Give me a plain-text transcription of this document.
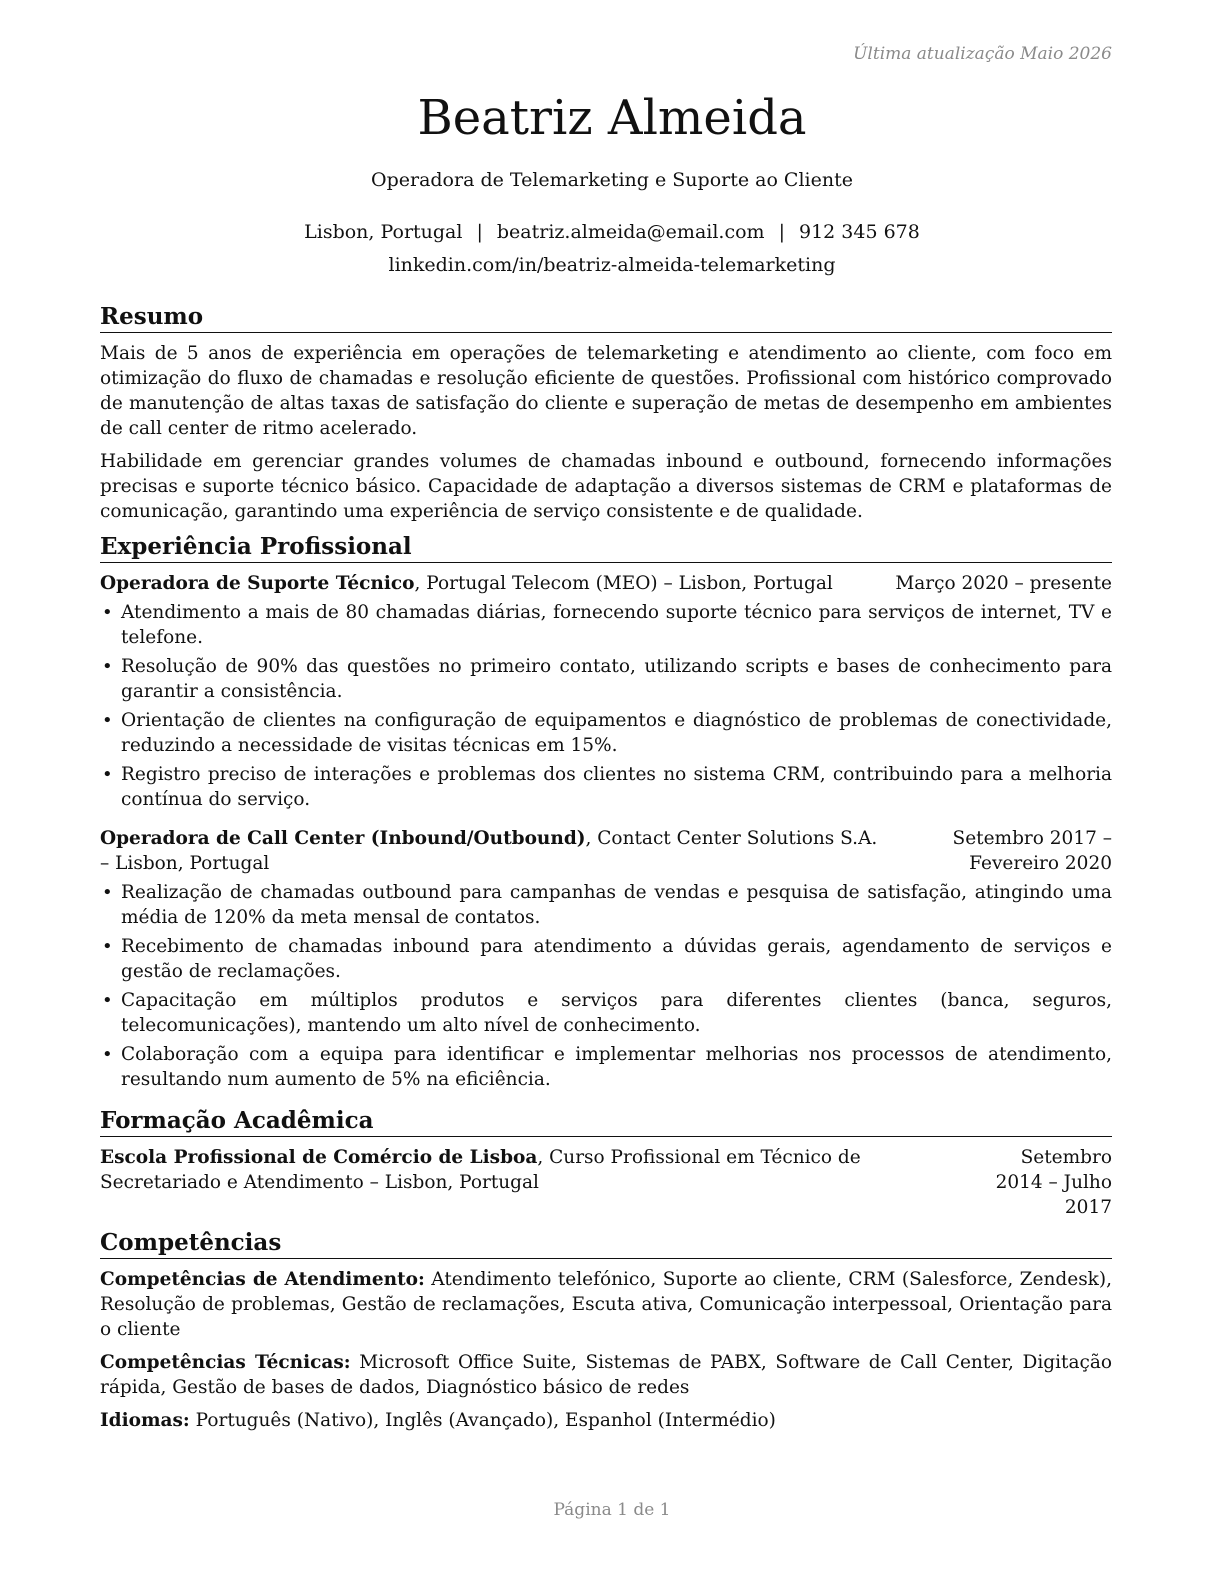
Última atualização Maio 2026
Beatriz Almeida
Operadora de Telemarketing e Suporte ao Cliente
Lisbon, Portugal | beatriz.almeida@email.com | 912 345 678
linkedin.com/in/beatriz-almeida-telemarketing
Resumo

Mais de 5 anos de experiência em operações de telemarketing e atendimento ao cliente, com foco em otimização do fluxo de chamadas e resolução eficiente de questões. Profissional com histórico comprovado de manutenção de altas taxas de satisfação do cliente e superação de metas de desempenho em ambientes de call center de ritmo acelerado.

Habilidade em gerenciar grandes volumes de chamadas inbound e outbound, fornecendo informações precisas e suporte técnico básico. Capacidade de adaptação a diversos sistemas de CRM e plataformas de comunicação, garantindo uma experiência de serviço consistente e de qualidade.

Experiência Profissional
Operadora de Suporte Técnico, Portugal Telecom (MEO) – Lisbon, Portugal	Março 2020 – presente
• Atendimento a mais de 80 chamadas diárias, fornecendo suporte técnico para serviços de internet, TV e telefone.
• Resolução de 90% das questões no primeiro contato, utilizando scripts e bases de conhecimento para garantir a consistência.
• Orientação de clientes na configuração de equipamentos e diagnóstico de problemas de conectividade, reduzindo a necessidade de visitas técnicas em 15%.
• Registro preciso de interações e problemas dos clientes no sistema CRM, contribuindo para a melhoria contínua do serviço.
Operadora de Call Center (Inbound/Outbound), Contact Center Solutions S.A. – Lisbon, Portugal
Setembro 2017 – Fevereiro 2020
• Realização de chamadas outbound para campanhas de vendas e pesquisa de satisfação, atingindo uma média de 120% da meta mensal de contatos.
• Recebimento de chamadas inbound para atendimento a dúvidas gerais, agendamento de serviços e gestão de reclamações.
• Capacitação em múltiplos produtos e serviços para diferentes clientes (banca, seguros, telecomunicações), mantendo um alto nível de conhecimento.
• Colaboração com a equipa para identificar e implementar melhorias nos processos de atendimento, resultando num aumento de 5% na eficiência.
Formação Acadêmica
Escola Profissional de Comércio de Lisboa, Curso Profissional em Técnico de Secretariado e Atendimento – Lisbon, Portugal
Setembro 2014 – Julho 2017
Competências
Competências de Atendimento: Atendimento telefónico, Suporte ao cliente, CRM (Salesforce, Zendesk), Resolução de problemas, Gestão de reclamações, Escuta ativa, Comunicação interpessoal, Orientação para o cliente
Competências Técnicas: Microsoft Office Suite, Sistemas de PABX, Software de Call Center, Digitação rápida, Gestão de bases de dados, Diagnóstico básico de redes
Idiomas: Português (Nativo), Inglês (Avançado), Espanhol (Intermédio)
Página 1 de 1
